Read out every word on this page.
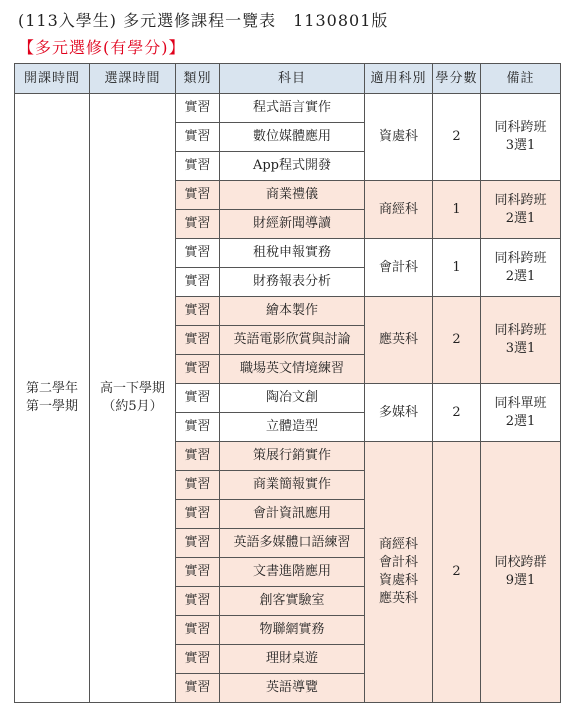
(113入學生) 多元選修課程一覽表　1130801版
【多元選修(有學分)】
開課時間	選課時間	類別	科目	適用科別	學分數	備註
第二學年
第一學期	高一下學期
（約5月）	實習	程式語言實作	資處科	2	同科跨班
3選1
		實習	數位媒體應用			
		實習	App程式開發			
		實習	商業禮儀	商經科	1	同科跨班
2選1
		實習	財經新聞導讀			
		實習	租稅申報實務	會計科	1	同科跨班
2選1
		實習	財務報表分析			
		實習	繪本製作	應英科	2	同科跨班
3選1
		實習	英語電影欣賞與討論			
		實習	職場英文情境練習			
		實習	陶冶文創	多媒科	2	同科單班
2選1
		實習	立體造型			
		實習	策展行銷實作	商經科
會計科
資處科
應英科	2	同校跨群
9選1
		實習	商業簡報實作			
		實習	會計資訊應用			
		實習	英語多媒體口語練習			
		實習	文書進階應用			
		實習	創客實驗室			
		實習	物聯網實務			
		實習	理財桌遊			
		實習	英語導覽			
